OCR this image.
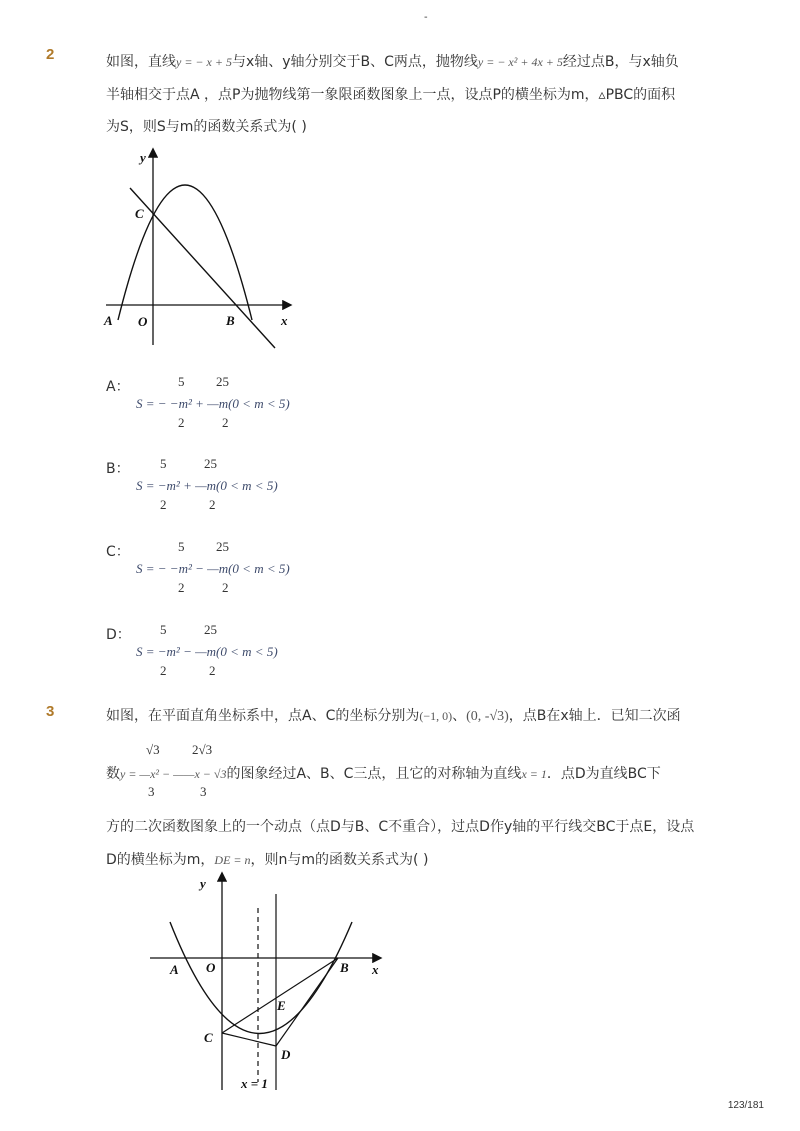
-
2	如图，直线y = − x + 5与x轴、y轴分别交于B、C两点，抛物线y = − x² + 4x + 5经过点B，与x轴负
半轴相交于点A ，点P为抛物线第一象限函数图象上一点，设点P的横坐标为m，▵PBC的面积
为S，则S与m的函数关系式为( )
y
C
A O	B	x
A：	5 25
S = − −m² + —m(0 < m < 5)
2	2
B： 5	25
S = −m² + —m(0 < m < 5)
2	2
C：	5 25
S = − −m² − —m(0 < m < 5)
2	2
D： 5	25
S = −m² − —m(0 < m < 5)
2	2
3	如图，在平面直角坐标系中，点A、C的坐标分别为(−1, 0)、(0, -√3)，点B在x轴上．已知二次函
√3 2√3
数y = —x² − ——x − √3的图象经过A、B、C三点，且它的对称轴为直线x = 1．点D为直线BC下
3	3
方的二次函数图象上的一个动点（点D与B、C不重合），过点D作y轴的平行线交BC于点E，设点
D的横坐标为m，DE = n，则n与m的函数关系式为( )
y
A O	B x
E
C
D
x = 1
123/181
